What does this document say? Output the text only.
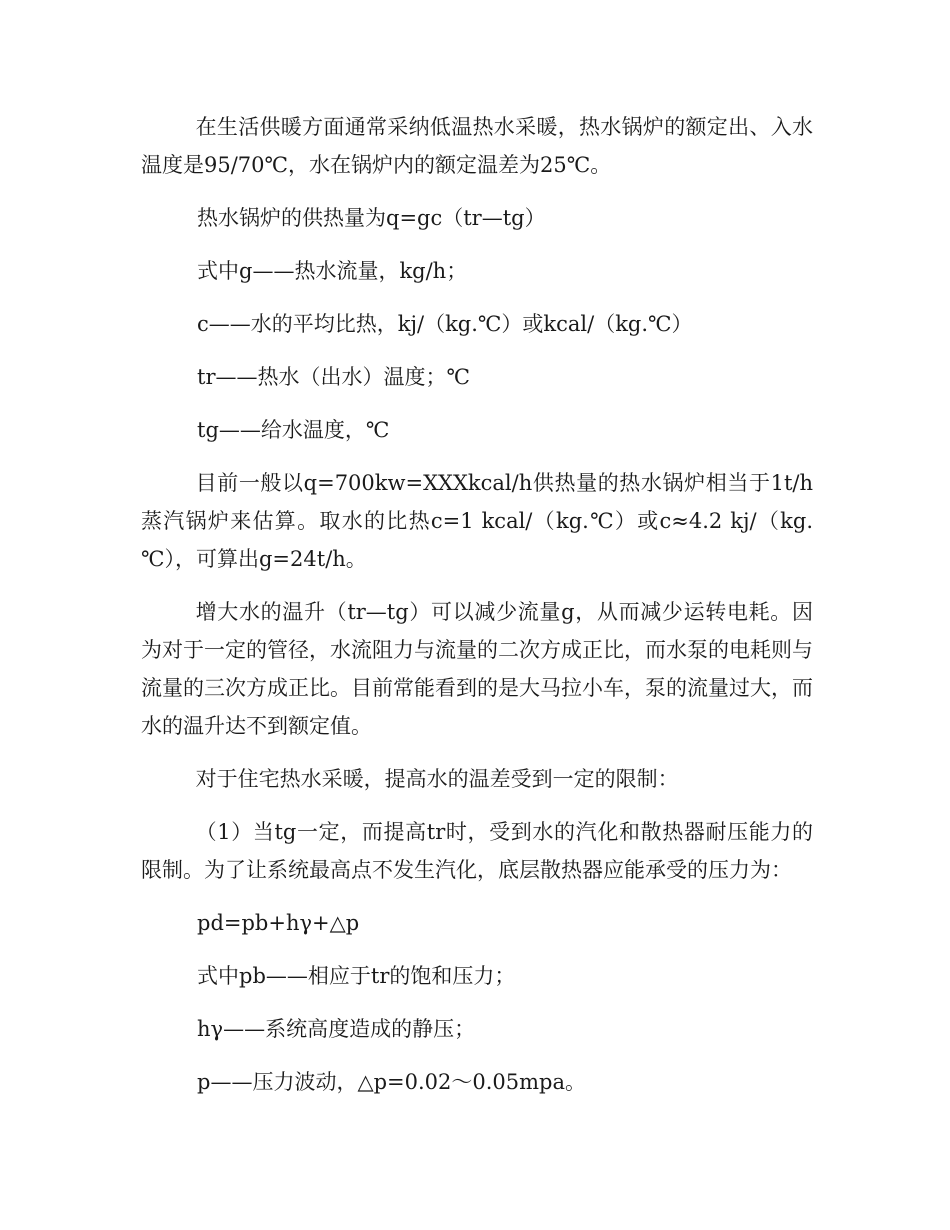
在生活供暖方面通常采纳低温热水采暖，热水锅炉的额定出、入水温度是95/70℃，水在锅炉内的额定温差为25℃。

热水锅炉的供热量为q=gc（tr—tg）

式中g——热水流量，kg/h；

c——水的平均比热，kj/（kg.℃）或kcal/（kg.℃）

tr——热水（出水）温度；℃

tg——给水温度，℃

目前一般以q=700kw=XXXkcal/h供热量的热水锅炉相当于1t/h蒸汽锅炉来估算。取水的比热c=1 kcal/（kg.℃）或c≈4.2 kj/（kg.℃），可算出g=24t/h。

增大水的温升（tr—tg）可以减少流量g，从而减少运转电耗。因为对于一定的管径，水流阻力与流量的二次方成正比，而水泵的电耗则与流量的三次方成正比。目前常能看到的是大马拉小车，泵的流量过大，而水的温升达不到额定值。

对于住宅热水采暖，提高水的温差受到一定的限制：

（1）当tg一定，而提高tr时，受到水的汽化和散热器耐压能力的限制。为了让系统最高点不发生汽化，底层散热器应能承受的压力为：

pd=pb+hγ+△p

式中pb——相应于tr的饱和压力；

hγ——系统高度造成的静压；

p——压力波动，△p=0.02～0.05mpa。
